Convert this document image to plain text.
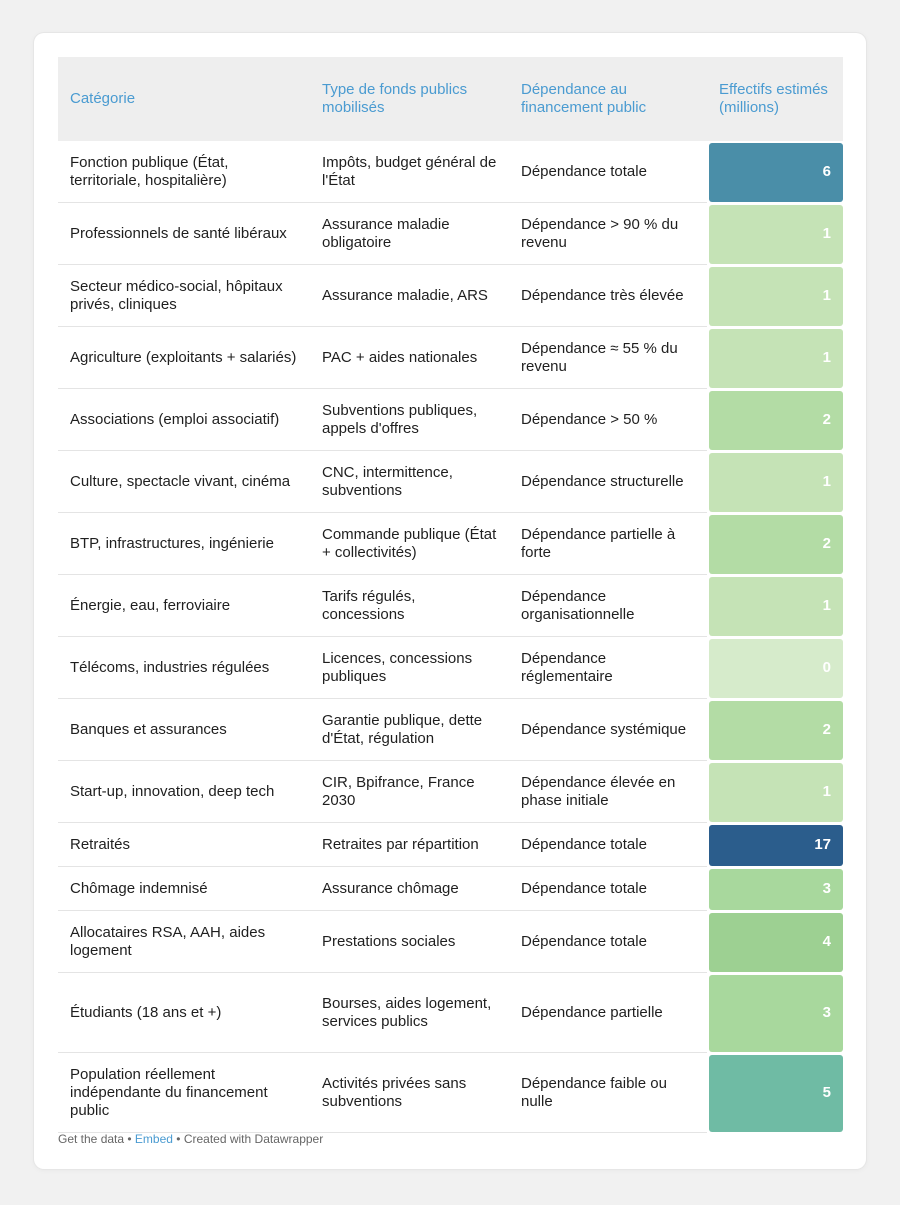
Catégorie	Type de fonds publics mobilisés	Dépendance au financement public	Effectifs estimés (millions)
Fonction publique (État, territoriale, hospitalière)	Impôts, budget général de l'État	Dépendance totale	6

Professionnels de santé libéraux	Assurance maladie obligatoire	Dépendance > 90 % du revenu	1

Secteur médico-social, hôpitaux privés, cliniques	Assurance maladie, ARS	Dépendance très élevée	1

Agriculture (exploitants + salariés)	PAC + aides nationales	Dépendance ≈ 55 % du revenu	1

Associations (emploi associatif)	Subventions publiques, appels d'offres	Dépendance > 50 %	2

Culture, spectacle vivant, cinéma	CNC, intermittence, subventions	Dépendance structurelle	1

BTP, infrastructures, ingénierie	Commande publique (État + collectivités)	Dépendance partielle à forte	2

Énergie, eau, ferroviaire	Tarifs régulés, concessions	Dépendance organisationnelle	1

Télécoms, industries régulées	Licences, concessions publiques	Dépendance réglementaire	0

Banques et assurances	Garantie publique, dette d'État, régulation	Dépendance systémique	2

Start-up, innovation, deep tech	CIR, Bpifrance, France 2030	Dépendance élevée en phase initiale	1

Retraités	Retraites par répartition	Dépendance totale	17

Chômage indemnisé	Assurance chômage	Dépendance totale	3

Allocataires RSA, AAH, aides logement	Prestations sociales	Dépendance totale	4

Étudiants (18 ans et +)	Bourses, aides logement, services publics	Dépendance partielle	3

Population réellement indépendante du financement public	Activités privées sans subventions	Dépendance faible ou nulle	5
Get the data • Embed • Created with Datawrapper
